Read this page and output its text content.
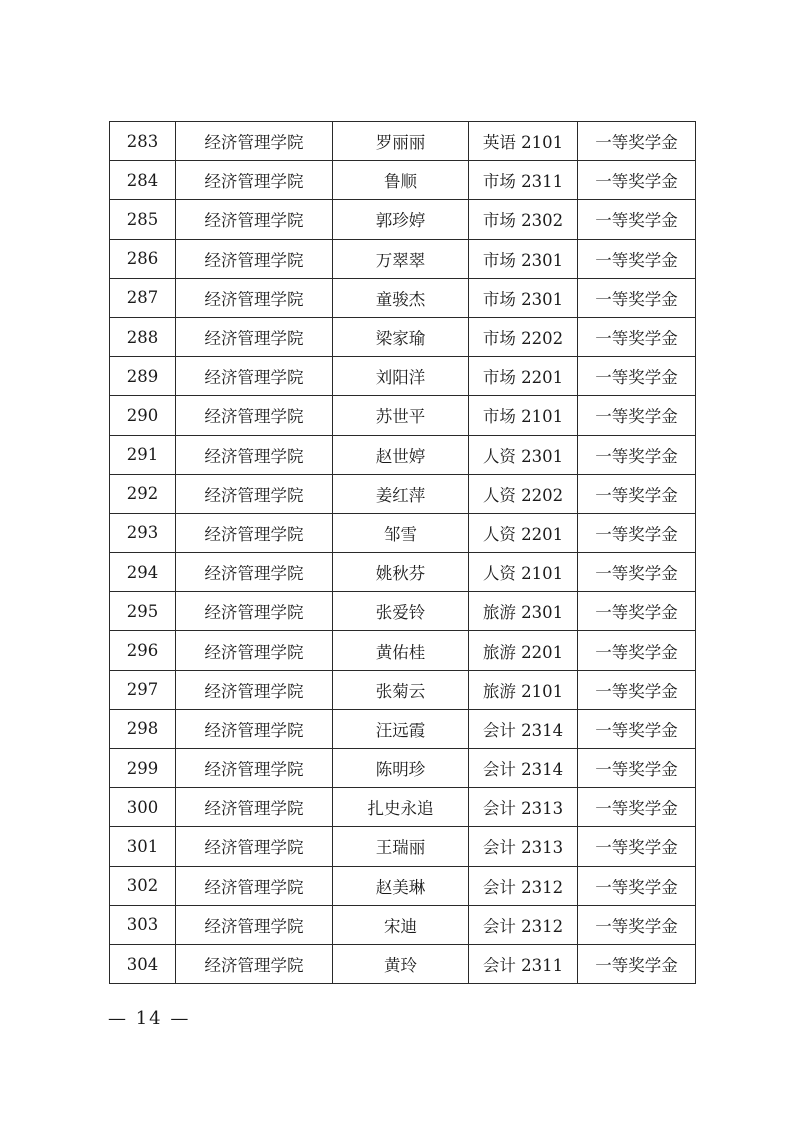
283	经济管理学院	罗丽丽	英语 2101	一等奖学金
284	经济管理学院	鲁顺	市场 2311	一等奖学金
285	经济管理学院	郭珍婷	市场 2302	一等奖学金
286	经济管理学院	万翠翠	市场 2301	一等奖学金
287	经济管理学院	童骏杰	市场 2301	一等奖学金
288	经济管理学院	梁家瑜	市场 2202	一等奖学金
289	经济管理学院	刘阳洋	市场 2201	一等奖学金
290	经济管理学院	苏世平	市场 2101	一等奖学金
291	经济管理学院	赵世婷	人资 2301	一等奖学金
292	经济管理学院	姜红萍	人资 2202	一等奖学金
293	经济管理学院	邹雪	人资 2201	一等奖学金
294	经济管理学院	姚秋芬	人资 2101	一等奖学金
295	经济管理学院	张爱铃	旅游 2301	一等奖学金
296	经济管理学院	黄佑桂	旅游 2201	一等奖学金
297	经济管理学院	张菊云	旅游 2101	一等奖学金
298	经济管理学院	汪远霞	会计 2314	一等奖学金
299	经济管理学院	陈明珍	会计 2314	一等奖学金
300	经济管理学院	扎史永追	会计 2313	一等奖学金
301	经济管理学院	王瑞丽	会计 2313	一等奖学金
302	经济管理学院	赵美琳	会计 2312	一等奖学金
303	经济管理学院	宋迪	会计 2312	一等奖学金
304	经济管理学院	黄玲	会计 2311	一等奖学金
— 14 —
